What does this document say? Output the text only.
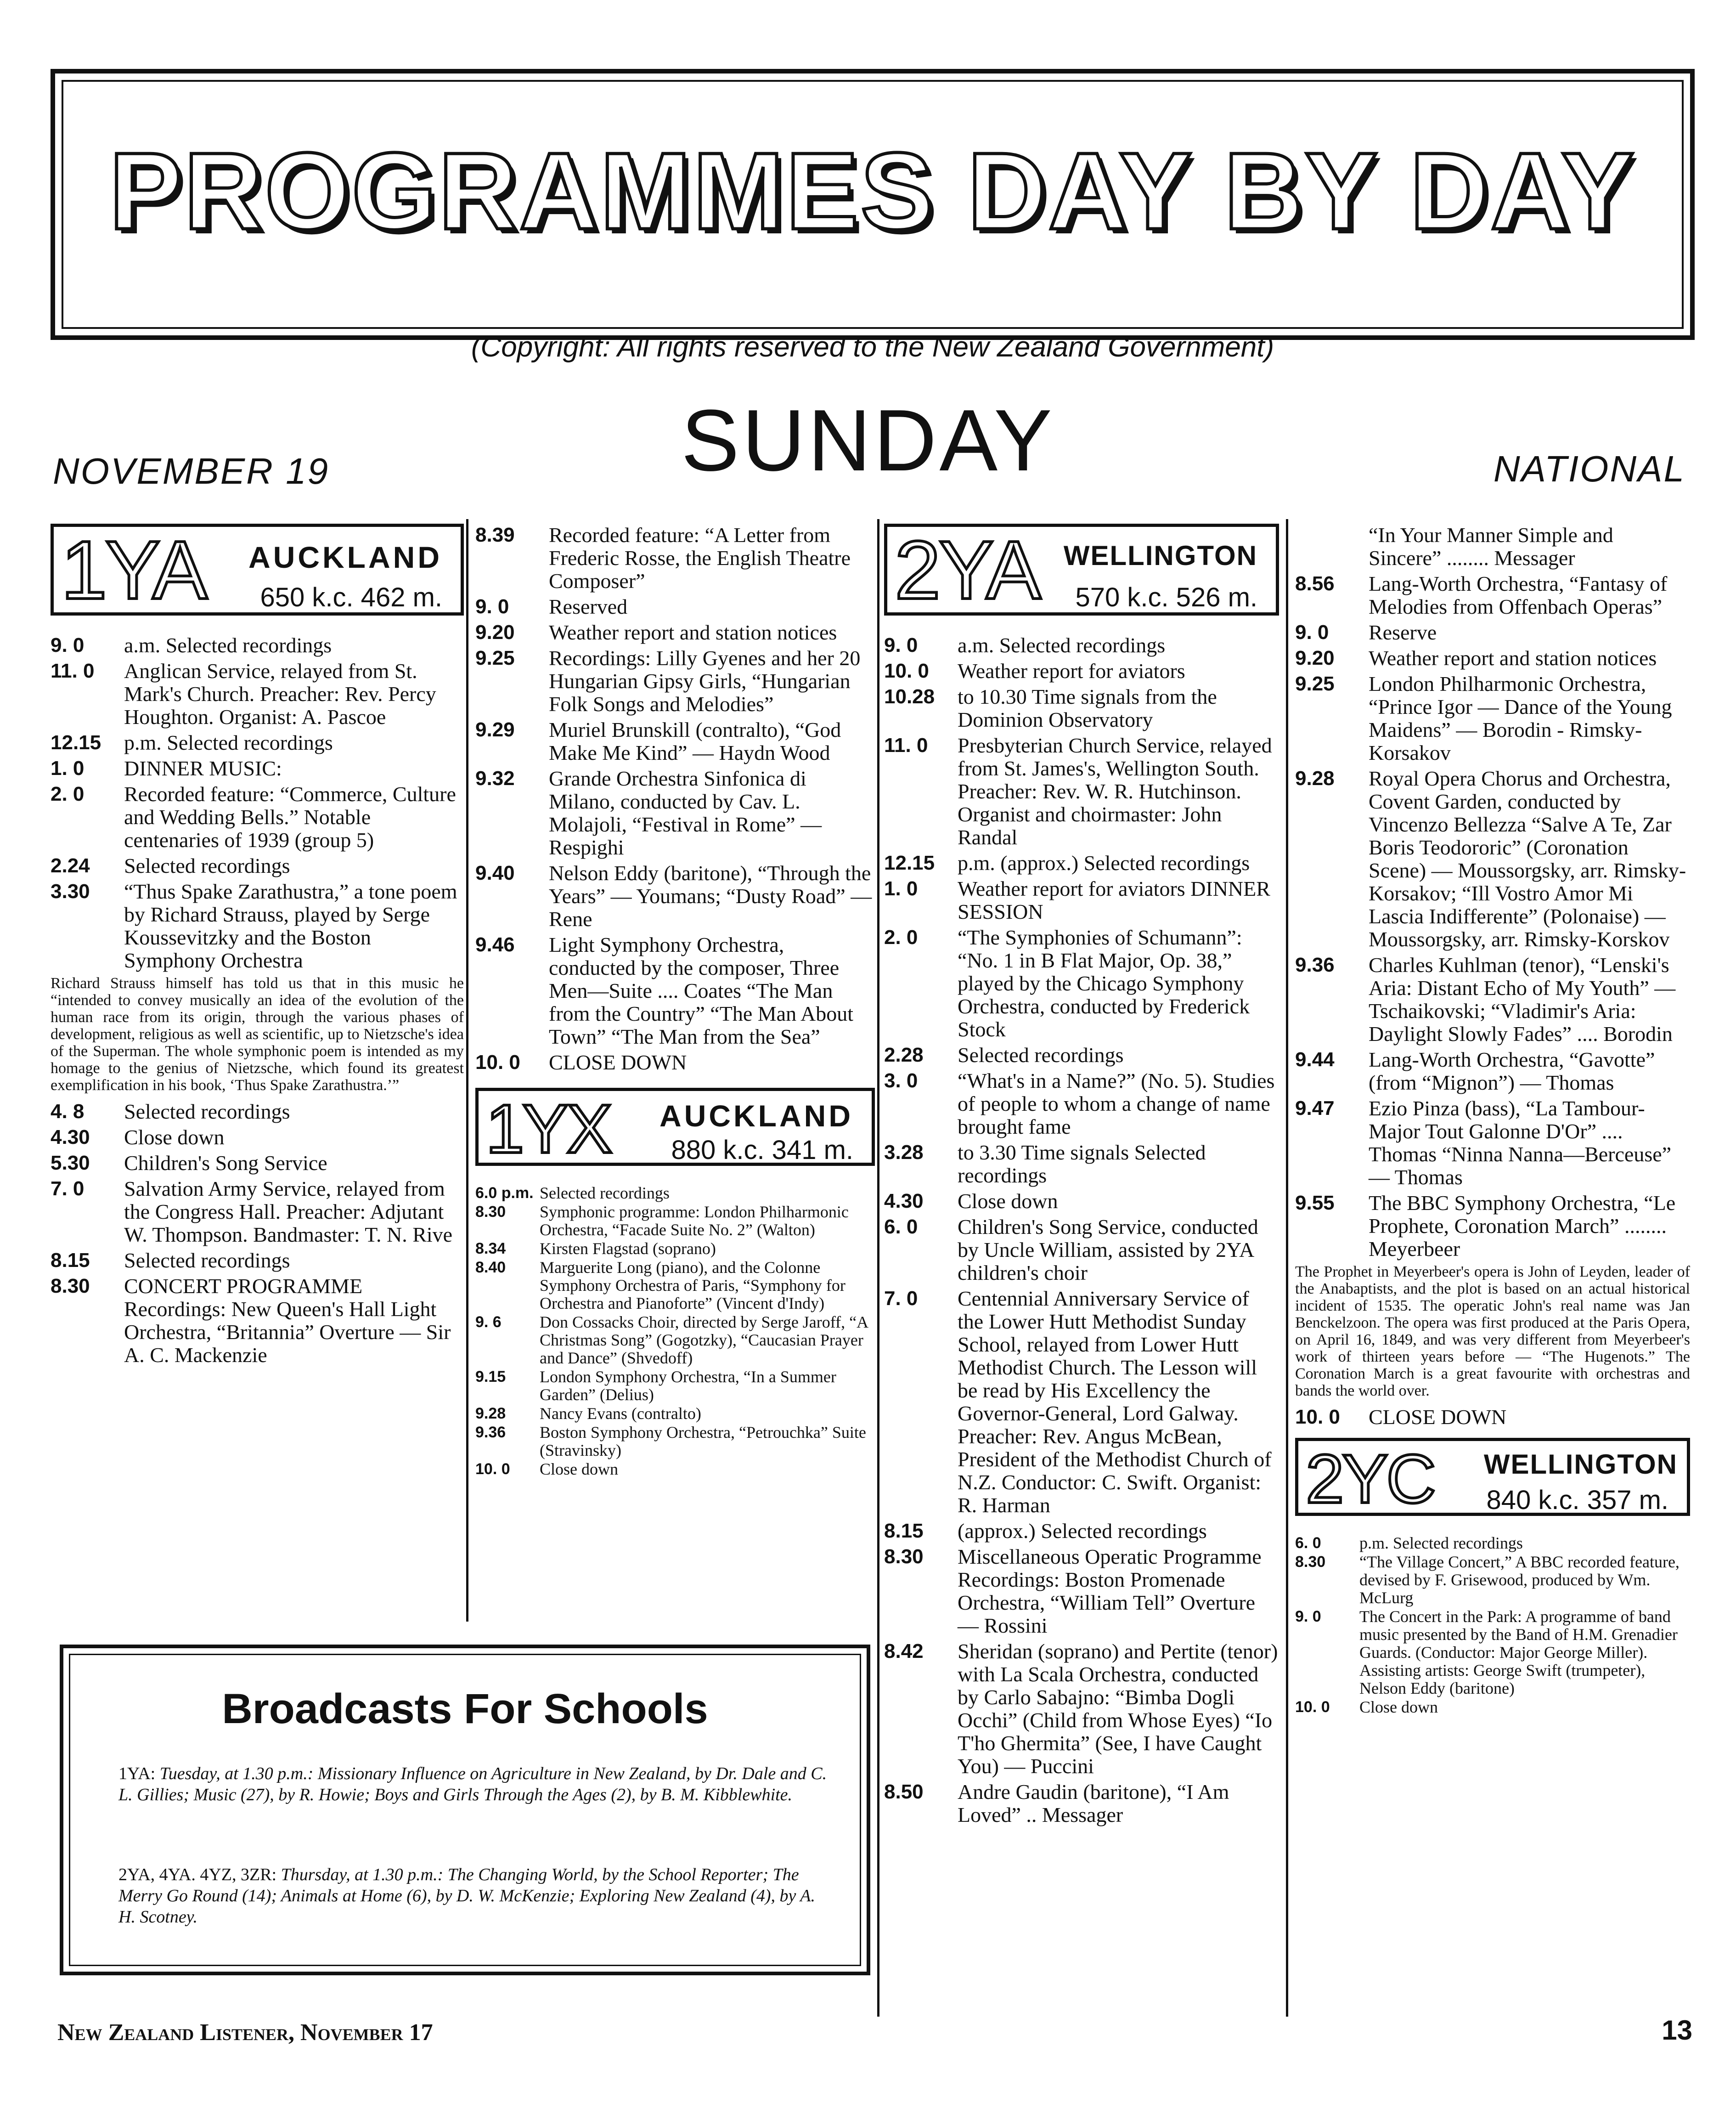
PROGRAMMES DAY BY DAY
(Copyright: All rights reserved to the New Zealand Government)
SUNDAY
NOVEMBER 19	NATIONAL
1YA	AUCKLAND
650 k.c. 462 m.
9. 0	a.m. Selected recordings
11. 0	Anglican Service, relayed from St. Mark's Church. Preacher: Rev. Percy Houghton. Organist: A. Pascoe
12.15	p.m. Selected recordings
1. 0	DINNER MUSIC:
2. 0	Recorded feature: “Commerce, Culture and Wedding Bells.” Notable centenaries of 1939 (group 5)
2.24	Selected recordings
3.30	“Thus Spake Zarathustra,” a tone poem by Richard Strauss, played by Serge Koussevitzky and the Boston Symphony Orchestra
Richard Strauss himself has told us that in this music he “intended to convey musically an idea of the evolution of the human race from its origin, through the various phases of development, religious as well as scientific, up to Nietzsche's idea of the Superman. The whole symphonic poem is intended as my homage to the genius of Nietzsche, which found its greatest exemplification in his book, ‘Thus Spake Zarathustra.’”
4. 8	Selected recordings
4.30	Close down
5.30	Children's Song Service
7. 0	Salvation Army Service, relayed from the Congress Hall. Preacher: Adjutant W. Thompson. Bandmaster: T. N. Rive
8.15	Selected recordings
8.30	CONCERT PROGRAMME Recordings: New Queen's Hall Light Orchestra, “Britannia” Overture — Sir A. C. Mackenzie
8.39	Recorded feature: “A Letter from Frederic Rosse, the English Theatre Composer”
9. 0	Reserved
9.20	Weather report and station notices
9.25	Recordings: Lilly Gyenes and her 20 Hungarian Gipsy Girls, “Hungarian Folk Songs and Melodies”
9.29	Muriel Brunskill (contralto), “God Make Me Kind” — Haydn Wood
9.32	Grande Orchestra Sinfonica di Milano, conducted by Cav. L. Molajoli, “Festival in Rome” — Respighi
9.40	Nelson Eddy (baritone), “Through the Years” — Youmans; “Dusty Road” — Rene
9.46	Light Symphony Orchestra, conducted by the composer, Three Men—Suite .... Coates “The Man from the Country” “The Man About Town” “The Man from the Sea”
10. 0	CLOSE DOWN
1YX	AUCKLAND
880 k.c. 341 m.
6.0 p.m. Selected recordings
8.30	Symphonic programme: London Philharmonic Orchestra, “Facade Suite No. 2” (Walton)
8.34	Kirsten Flagstad (soprano)
8.40	Marguerite Long (piano), and the Colonne Symphony Orchestra of Paris, “Symphony for Orchestra and Pianoforte” (Vincent d'Indy)
9. 6	Don Cossacks Choir, directed by Serge Jaroff, “A Christmas Song” (Gogotzky), “Caucasian Prayer and Dance” (Shvedoff)
9.15	London Symphony Orchestra, “In a Summer Garden” (Delius)
9.28	Nancy Evans (contralto)
9.36	Boston Symphony Orchestra, “Petrouchka” Suite (Stravinsky)
10. 0	Close down
2YA WELLINGTON
570 k.c. 526 m.
9. 0	a.m. Selected recordings
10. 0	Weather report for aviators
10.28	to 10.30 Time signals from the Dominion Observatory
11. 0	Presbyterian Church Service, relayed from St. James's, Wellington South. Preacher: Rev. W. R. Hutchinson. Organist and choirmaster: John Randal
12.15	p.m. (approx.) Selected recordings
1. 0	Weather report for aviators DINNER SESSION
2. 0	“The Symphonies of Schumann”: “No. 1 in B Flat Major, Op. 38,” played by the Chicago Symphony Orchestra, conducted by Frederick Stock
2.28	Selected recordings
3. 0	“What's in a Name?” (No. 5). Studies of people to whom a change of name brought fame
3.28	to 3.30 Time signals Selected recordings
4.30	Close down
6. 0	Children's Song Service, conducted by Uncle William, assisted by 2YA children's choir
7. 0	Centennial Anniversary Service of the Lower Hutt Methodist Sunday School, relayed from Lower Hutt Methodist Church. The Lesson will be read by His Excellency the Governor-General, Lord Galway. Preacher: Rev. Angus McBean, President of the Methodist Church of N.Z. Conductor: C. Swift. Organist: R. Harman
8.15	(approx.) Selected recordings
8.30	Miscellaneous Operatic Programme Recordings: Boston Promenade Orchestra, “William Tell” Overture — Rossini
8.42	Sheridan (soprano) and Pertite (tenor) with La Scala Orchestra, conducted by Carlo Sabajno: “Bimba Dogli Occhi” (Child from Whose Eyes) “Io T'ho Ghermita” (See, I have Caught You) — Puccini
8.50	Andre Gaudin (baritone), “I Am Loved” .. Messager
“In Your Manner Simple and Sincere” ........ Messager
8.56	Lang-Worth Orchestra, “Fantasy of Melodies from Offenbach Operas”
9. 0	Reserve
9.20	Weather report and station notices
9.25	London Philharmonic Orchestra, “Prince Igor — Dance of the Young Maidens” — Borodin - Rimsky-Korsakov
9.28	Royal Opera Chorus and Orchestra, Covent Garden, conducted by Vincenzo Bellezza “Salve A Te, Zar Boris Teodororic” (Coronation Scene) — Moussorgsky, arr. Rimsky-Korsakov; “Ill Vostro Amor Mi Lascia Indifferente” (Polonaise) — Moussorgsky, arr. Rimsky-Korskov
9.36	Charles Kuhlman (tenor), “Lenski's Aria: Distant Echo of My Youth” — Tschaikovski; “Vladimir's Aria: Daylight Slowly Fades” .... Borodin
9.44	Lang-Worth Orchestra, “Gavotte” (from “Mignon”) — Thomas
9.47	Ezio Pinza (bass), “La Tambour-Major Tout Galonne D'Or” .... Thomas “Ninna Nanna—Berceuse” — Thomas
9.55	The BBC Symphony Orchestra, “Le Prophete, Coronation March” ........ Meyerbeer
The Prophet in Meyerbeer's opera is John of Leyden, leader of the Anabaptists, and the plot is based on an actual historical incident of 1535. The operatic John's real name was Jan Benckelzoon. The opera was first produced at the Paris Opera, on April 16, 1849, and was very different from Meyerbeer's work of thirteen years before — “The Hugenots.” The Coronation March is a great favourite with orchestras and bands the world over.
10. 0	CLOSE DOWN
2YC	WELLINGTON
840 k.c. 357 m.
6. 0	p.m. Selected recordings
8.30	“The Village Concert,” A BBC recorded feature, devised by F. Grisewood, produced by Wm. McLurg
9. 0	The Concert in the Park: A programme of band music presented by the Band of H.M. Grenadier Guards. (Conductor: Major George Miller). Assisting artists: George Swift (trumpeter), Nelson Eddy (baritone)
10. 0	Close down
Broadcasts For Schools
1YA: Tuesday, at 1.30 p.m.: Missionary Influence on Agriculture in New Zealand, by Dr. Dale and C. L. Gillies; Music (27), by R. Howie; Boys and Girls Through the Ages (2), by B. M. Kibblewhite.
2YA, 4YA. 4YZ, 3ZR: Thursday, at 1.30 p.m.: The Changing World, by the School Reporter; The Merry Go Round (14); Animals at Home (6), by D. W. McKenzie; Exploring New Zealand (4), by A. H. Scotney.
New Zealand Listener, November 17	13
